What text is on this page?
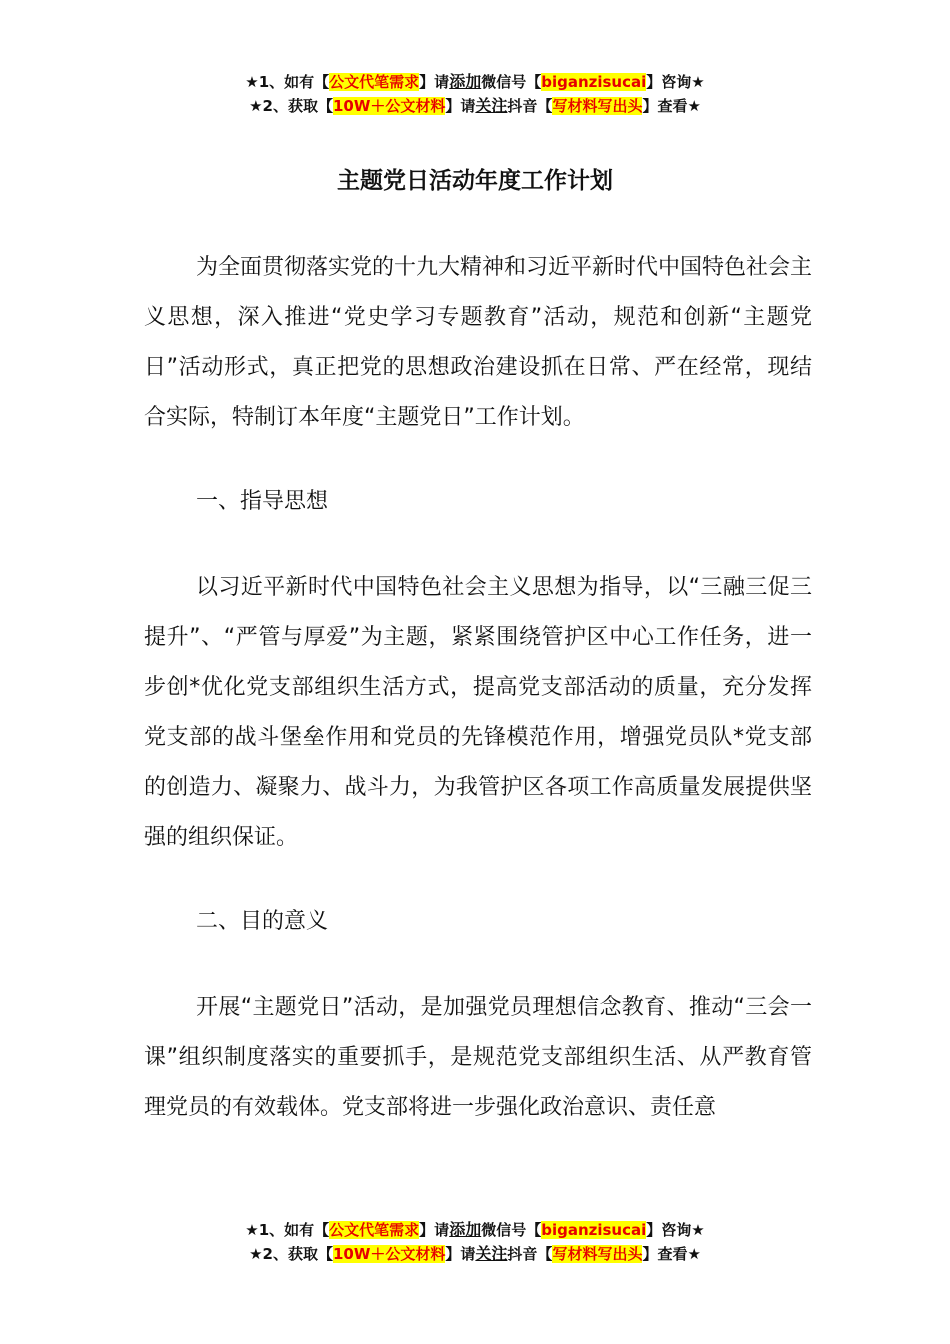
★1、如有【公文代笔需求】请添加微信号【biganzisucai】咨询★
★2、获取【10W＋公文材料】请关注抖音【写材料写出头】查看★
主题党日活动年度工作计划

为全面贯彻落实党的十九大精神和习近平新时代中国特色社会主义思想，深入推进“党史学习专题教育”活动，规范和创新“主题党日”活动形式，真正把党的思想政治建设抓在日常、严在经常，现结合实际，特制订本年度“主题党日”工作计划。

一、指导思想

以习近平新时代中国特色社会主义思想为指导，以“三融三促三提升”、“严管与厚爱”为主题，紧紧围绕管护区中心工作任务，进一步创*优化党支部组织生活方式，提高党支部活动的质量，充分发挥党支部的战斗堡垒作用和党员的先锋模范作用，增强党员队*党支部的创造力、凝聚力、战斗力，为我管护区各项工作高质量发展提供坚强的组织保证。

二、目的意义

开展“主题党日”活动，是加强党员理想信念教育、推动“三会一课”组织制度落实的重要抓手，是规范党支部组织生活、从严教育管理党员的有效载体。党支部将进一步强化政治意识、责任意

★1、如有【公文代笔需求】请添加微信号【biganzisucai】咨询★
★2、获取【10W＋公文材料】请关注抖音【写材料写出头】查看★
